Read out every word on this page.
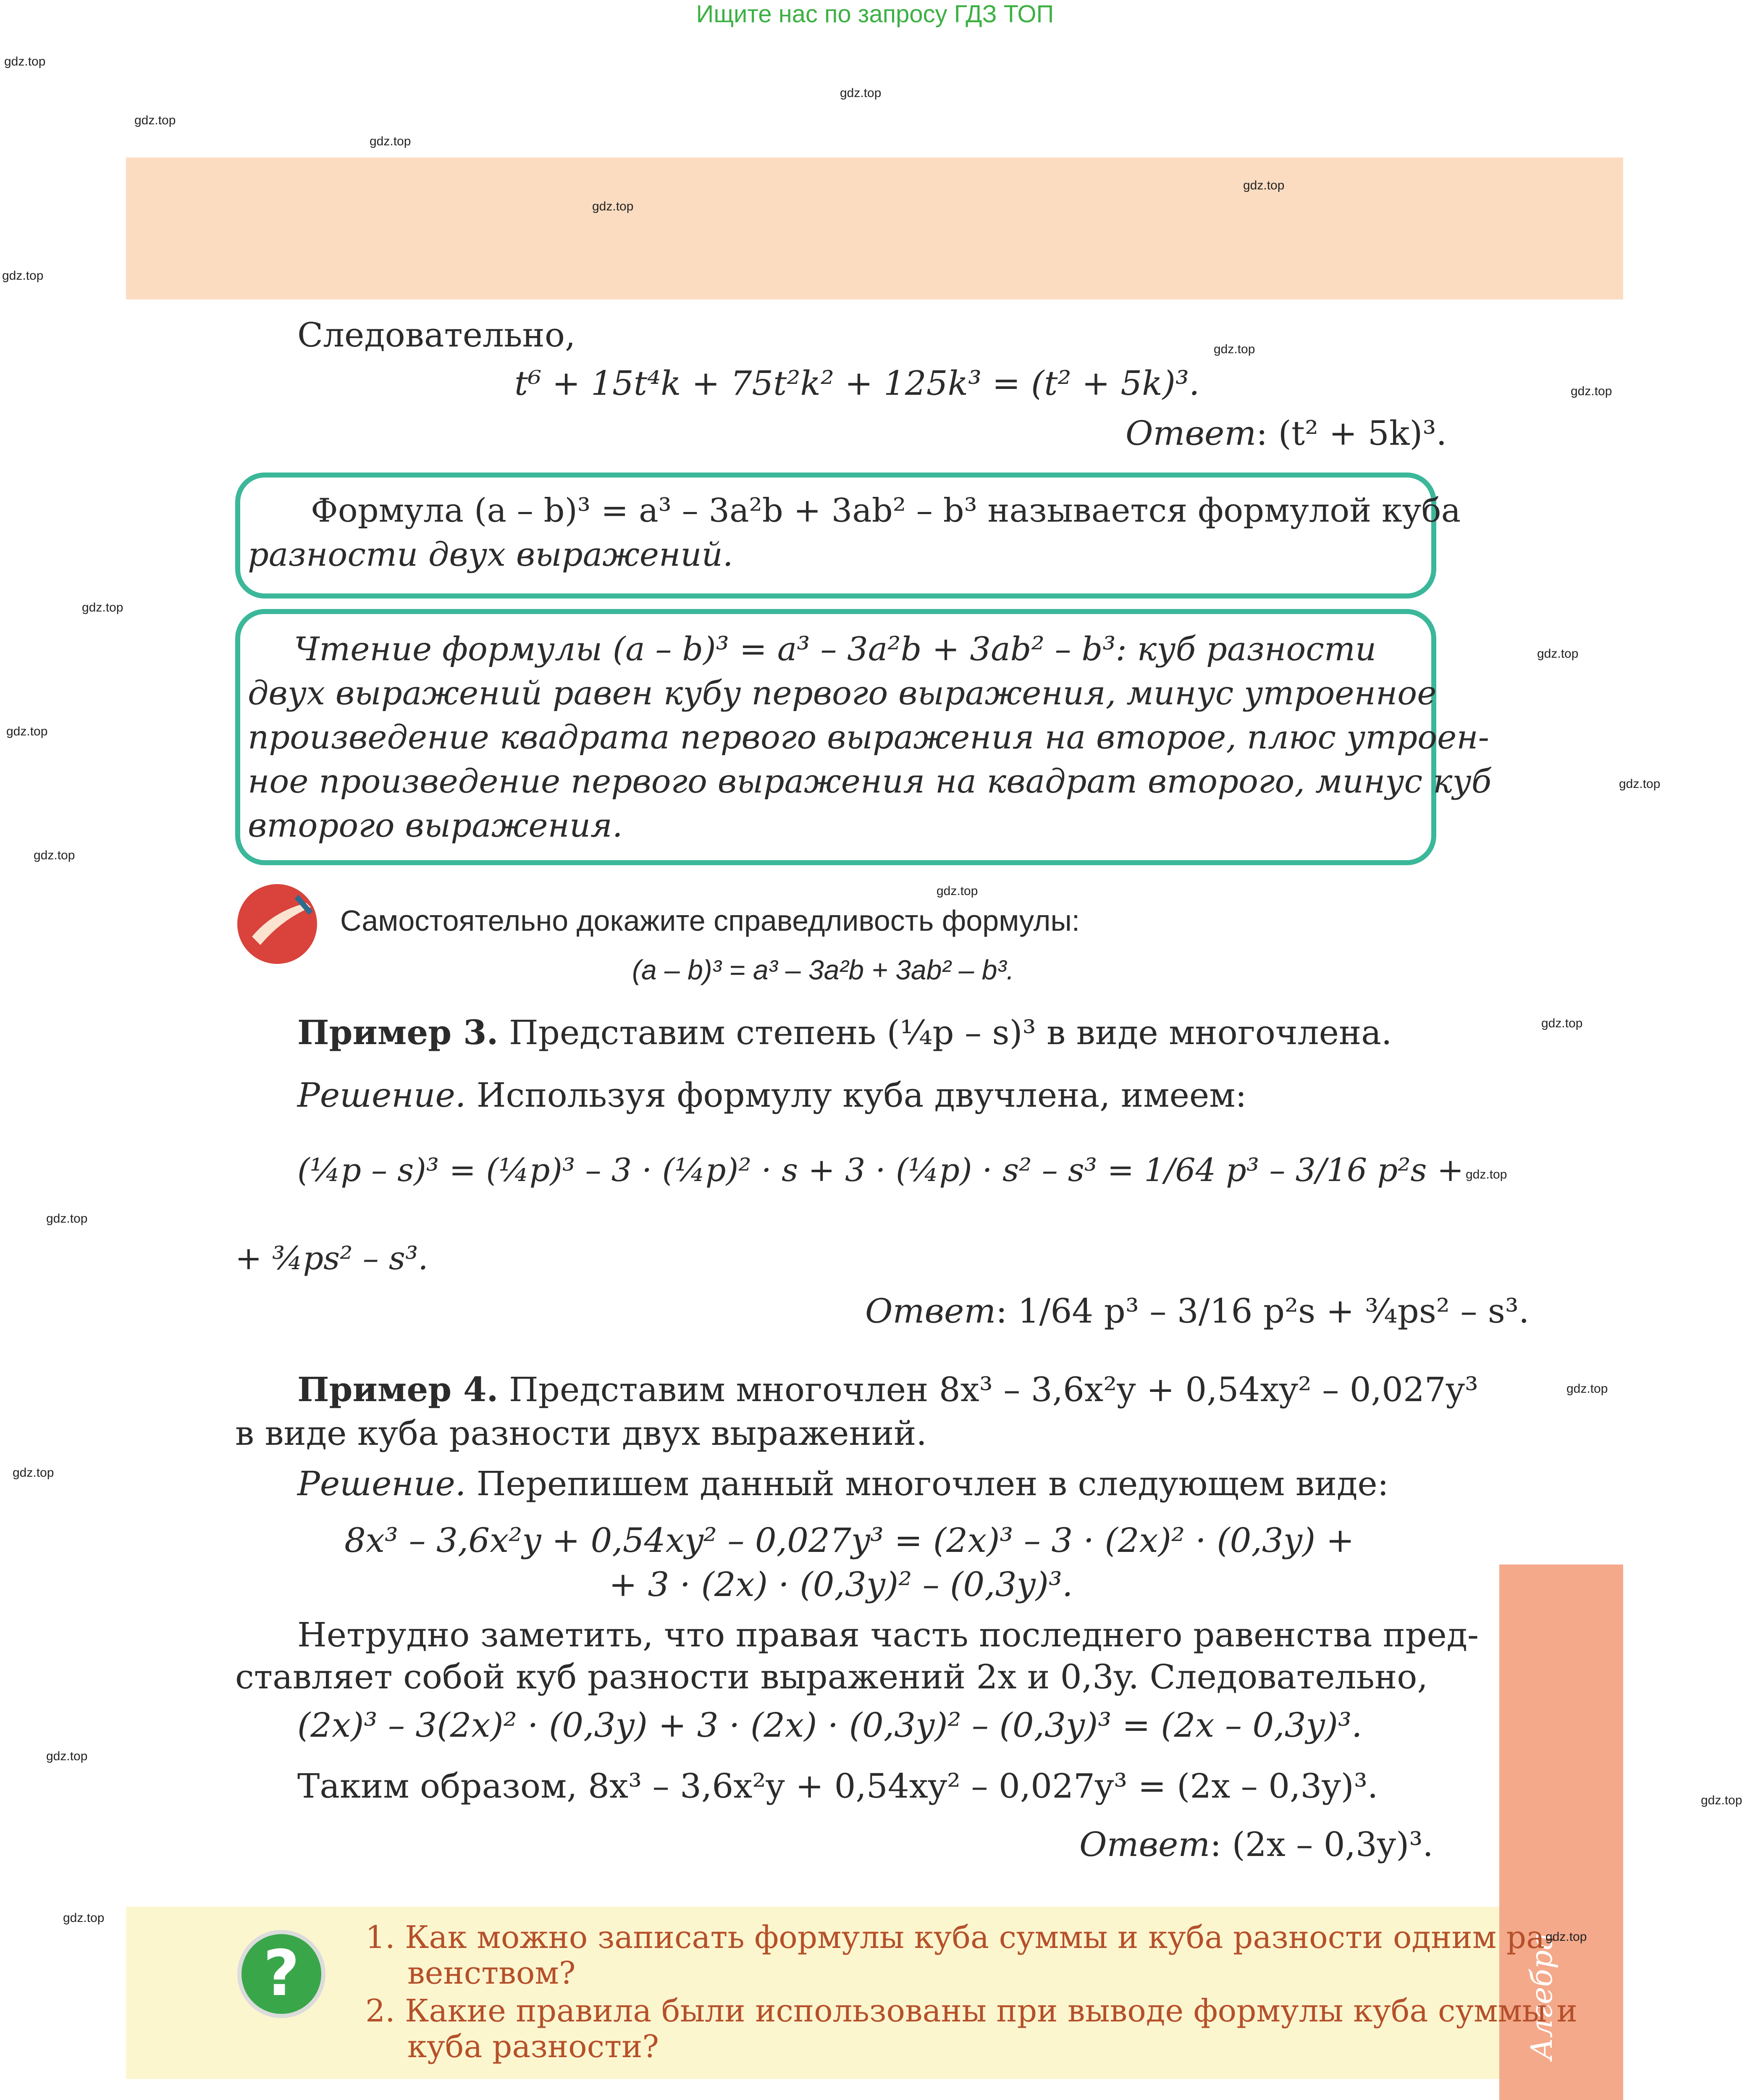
Ищите нас по запросу ГДЗ ТОП
Следовательно,
t⁶ + 15t⁴k + 75t²k² + 125k³ = (t² + 5k)³.
Ответ: (t² + 5k)³.
Формула (a – b)³ = a³ – 3a²b + 3ab² – b³ называется формулой куба
разности двух выражений.
Чтение формулы (a – b)³ = a³ – 3a²b + 3ab² – b³: куб разности
двух выражений равен кубу первого выражения, минус утроенное
произведение квадрата первого выражения на второе, плюс утроен-
ное произведение первого выражения на квадрат второго, минус куб
второго выражения.
Самостоятельно докажите справедливость формулы:
(a – b)³ = a³ – 3a²b + 3ab² – b³.
Пример 3. Представим степень (¼p – s)³ в виде многочлена.
Решение. Используя формулу куба двучлена, имеем:
(¼p – s)³ = (¼p)³ – 3 · (¼p)² · s + 3 · (¼p) · s² – s³ = 1/64 p³ – 3/16 p²s +
+ ¾ps² – s³.
Ответ: 1/64 p³ – 3/16 p²s + ¾ps² – s³.
Пример 4. Представим многочлен 8x³ – 3,6x²y + 0,54xy² – 0,027y³
в виде куба разности двух выражений.
Решение. Перепишем данный многочлен в следующем виде:
8x³ – 3,6x²y + 0,54xy² – 0,027y³ = (2x)³ – 3 · (2x)² · (0,3y) +
+ 3 · (2x) · (0,3y)² – (0,3y)³.
Нетрудно заметить, что правая часть последнего равенства пред-
ставляет собой куб разности выражений 2x и 0,3y. Следовательно,
(2x)³ – 3(2x)² · (0,3y) + 3 · (2x) · (0,3y)² – (0,3y)³ = (2x – 0,3y)³.
Таким образом, 8x³ – 3,6x²y + 0,54xy² – 0,027y³ = (2x – 0,3y)³.
Ответ: (2x – 0,3y)³.
Алгебра
? 1. Как можно записать формулы куба суммы и куба разности одним ра-
венством?
2. Какие правила были использованы при выводе формулы куба суммы и
куба разности?
gdz.top
gdz.top
gdz.top
gdz.top
gdz.top
gdz.top
gdz.top
gdz.top
gdz.top
gdz.top
gdz.top
gdz.top
gdz.top
gdz.top
gdz.top
gdz.top
gdz.top
gdz.top
gdz.top
gdz.top
gdz.top
gdz.top
gdz.top
gdz.top
